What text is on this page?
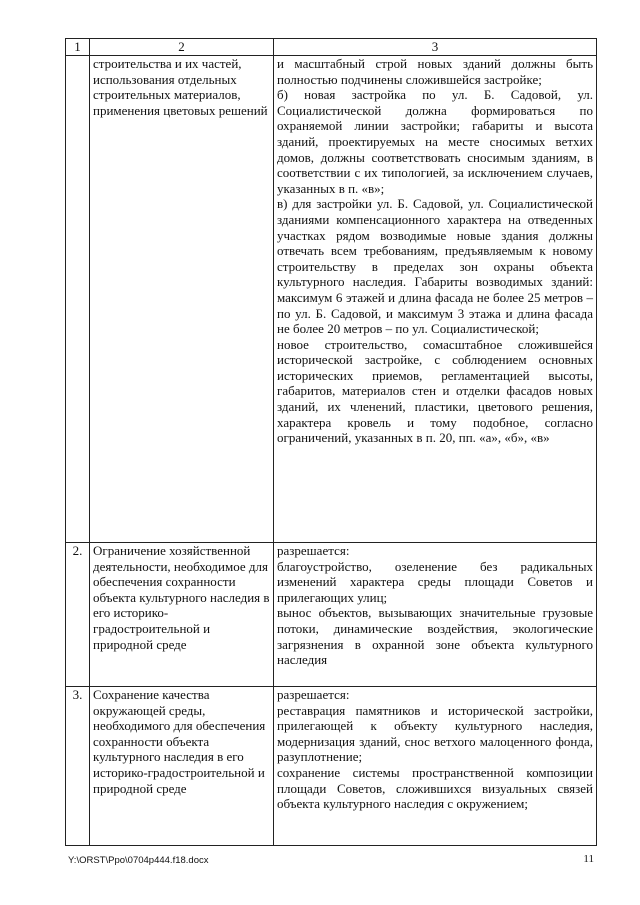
1	2	3
	строительства и их частей, использования отдельных строительных материалов, применения цветовых решений	и масштабный строй новых зданий должны быть полностью подчинены сложившейся застройке;
б) новая застройка по ул. Б. Садовой, ул. Социалистической должна формироваться по охраняемой линии застройки; габариты и высота зданий, проектируемых на месте сносимых ветхих домов, должны соответствовать сносимым зданиям, в соответствии с их типологией, за исключением случаев, указанных в п. «в»;
в) для застройки ул. Б. Садовой, ул. Социалистической зданиями компенсационного характера на отведенных участках рядом возводимые новые здания должны отвечать всем требованиям, предъявляемым к новому строительству в пределах зон охраны объекта культурного наследия. Габариты возводимых зданий: максимум 6 этажей и длина фасада не более 25 метров – по ул. Б. Садовой, и максимум 3 этажа и длина фасада не более 20 метров – по ул. Социалистической;
новое строительство, сомасштабное сложившейся исторической застройке, с соблюдением основных исторических приемов, регламентацией высоты, габаритов, материалов стен и отделки фасадов новых зданий, их членений, пластики, цветового решения, характера кровель и тому подобное, согласно ограничений, указанных в п. 20, пп. «а», «б», «в»

2.	Ограничение хозяйственной деятельности, необходимое для обеспечения сохранности объекта культурного наследия в его историко-градостроительной и природной среде	разрешается:
благоустройство, озеленение без радикальных изменений характера среды площади Советов и прилегающих улиц;
вынос объектов, вызывающих значительные грузовые потоки, динамические воздействия, экологические загрязнения в охранной зоне объекта культурного наследия

3.	Сохранение качества окружающей среды, необходимого для обеспечения сохранности объекта культурного наследия в его историко-градостроительной и природной среде	разрешается:
реставрация памятников и исторической застройки, прилегающей к объекту культурного наследия, модернизация зданий, снос ветхого малоценного фонда, разуплотнение;
сохранение системы пространственной композиции площади Советов, сложившихся визуальных связей объекта культурного наследия с окружением;
Y:\ORST\Ppo\0704p444.f18.docx	11
